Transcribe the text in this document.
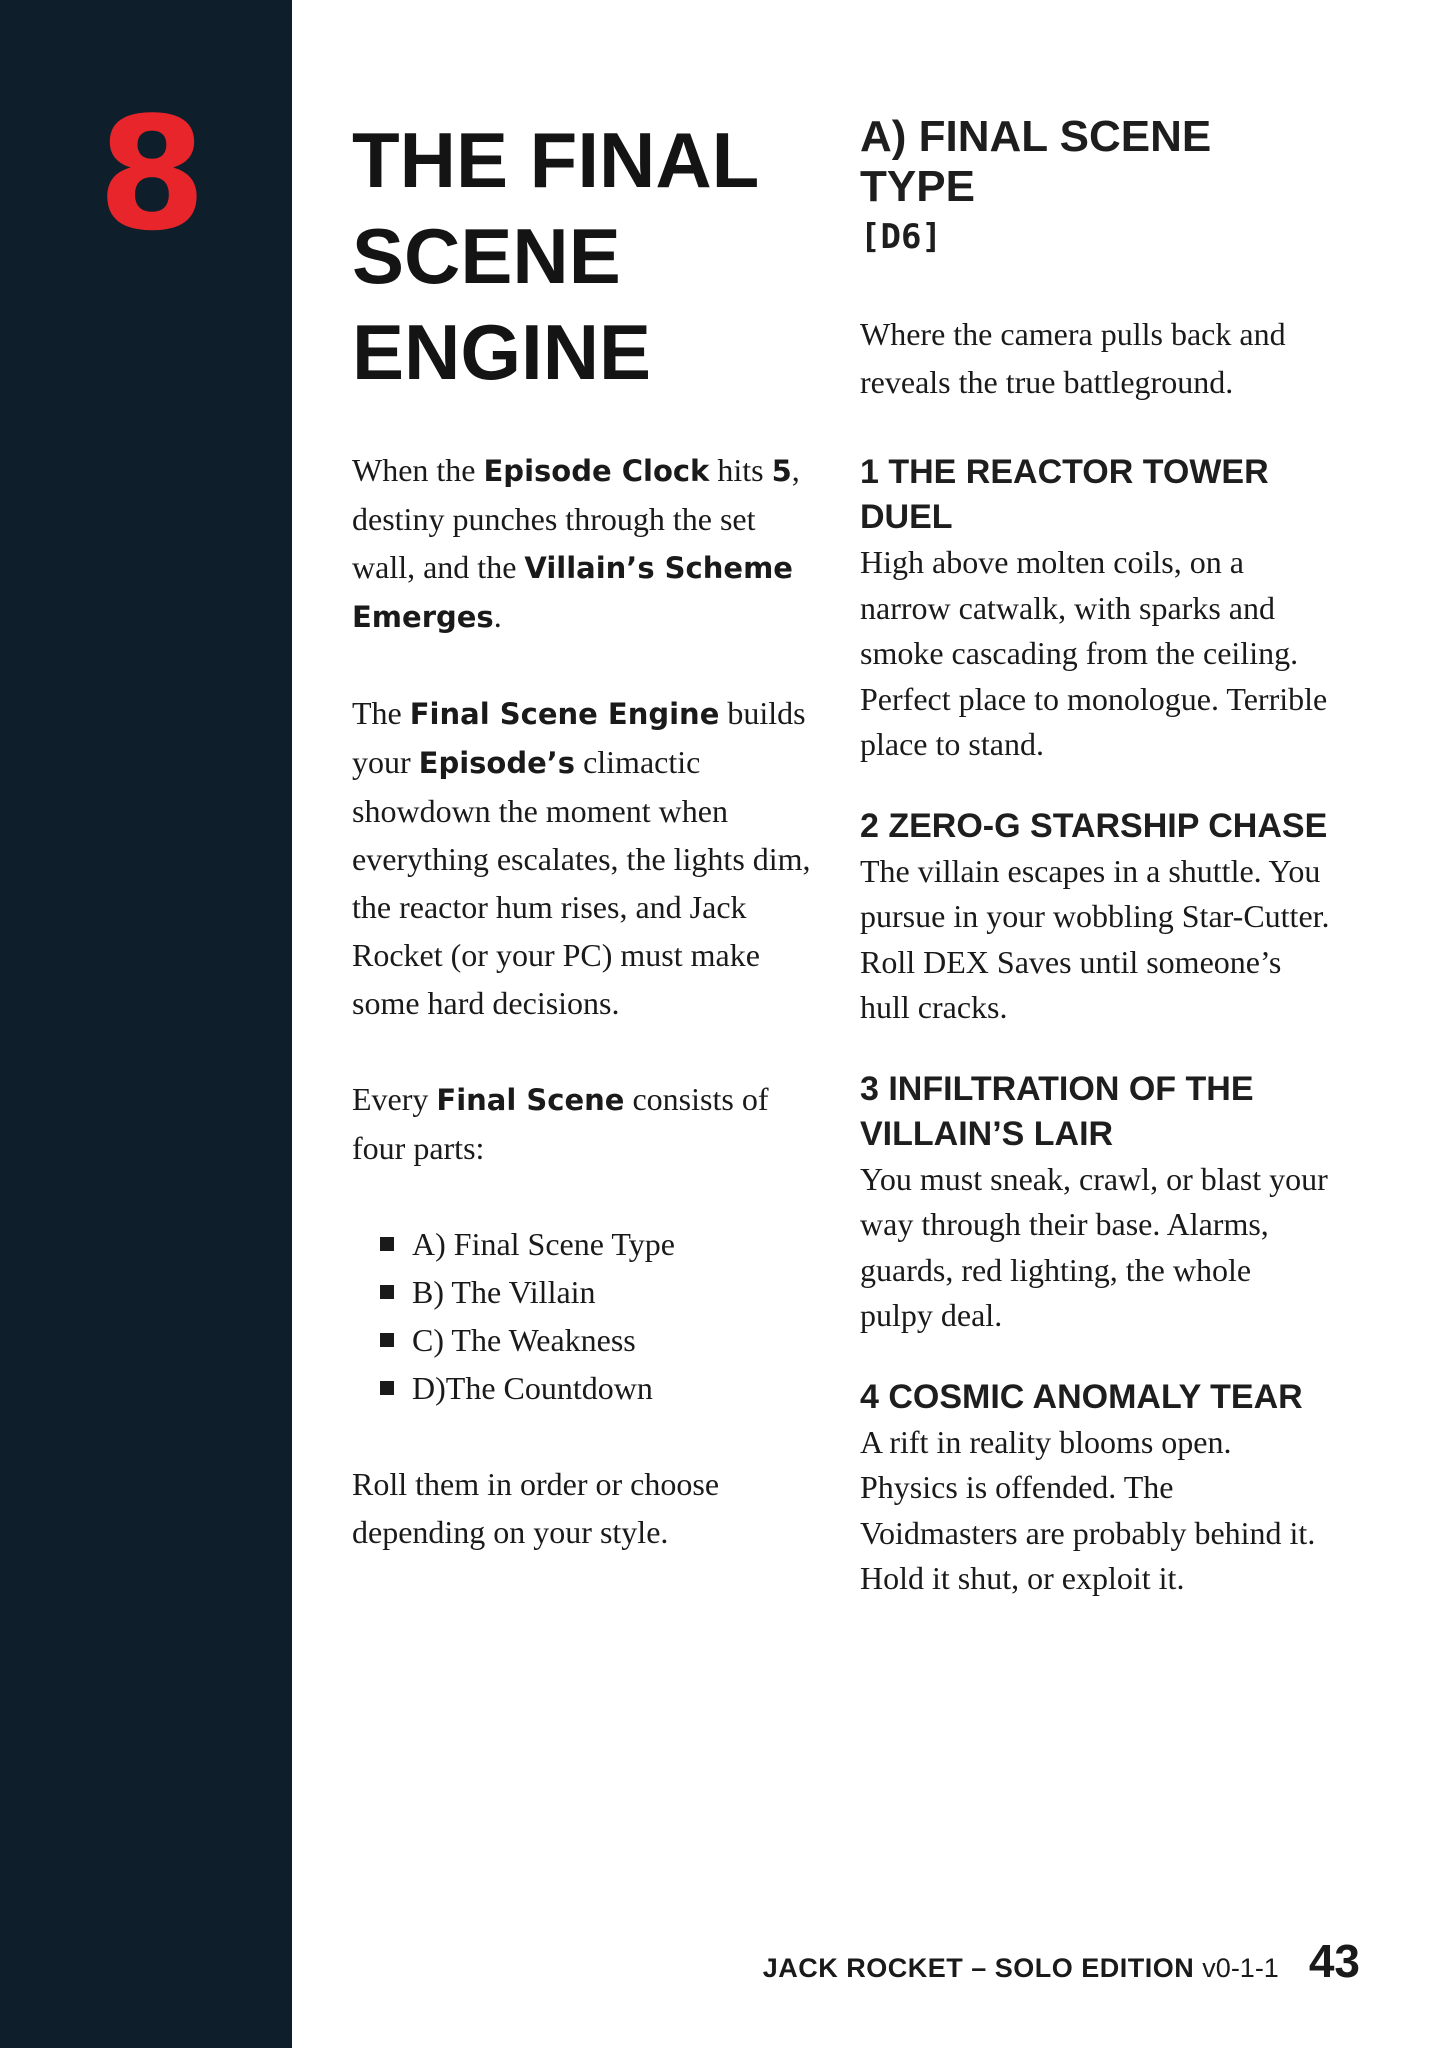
8	THE FINAL
SCENE
ENGINE

When the Episode Clock hits 5, destiny punches through the set wall, and the Villain’s Scheme Emerges.

The Final Scene Engine builds your Episode’s climactic showdown the moment when everything escalates, the lights dim, the reactor hum rises, and Jack Rocket (or your PC) must make some hard decisions.

Every Final Scene consists of four parts:

A) Final Scene Type
B) The Villain
C) The Weakness
D)The Countdown

Roll them in order or choose depending on your style.

A) FINAL SCENE TYPE
[D6]

Where the camera pulls back and reveals the true battleground.

1 THE REACTOR TOWER DUEL

High above molten coils, on a narrow catwalk, with sparks and smoke cascading from the ceiling. Perfect place to monologue. Terrible place to stand.

2 ZERO-G STARSHIP CHASE

The villain escapes in a shuttle. You pursue in your wobbling Star-Cutter. Roll DEX Saves until someone’s hull cracks.

3 INFILTRATION OF THE VILLAIN’S LAIR

You must sneak, crawl, or blast your way through their base. Alarms, guards, red lighting, the whole pulpy deal.

4 COSMIC ANOMALY TEAR

A rift in reality blooms open. Physics is offended. The Voidmasters are probably behind it. Hold it shut, or exploit it.

JACK ROCKET – SOLO EDITION v0-1-1 43
